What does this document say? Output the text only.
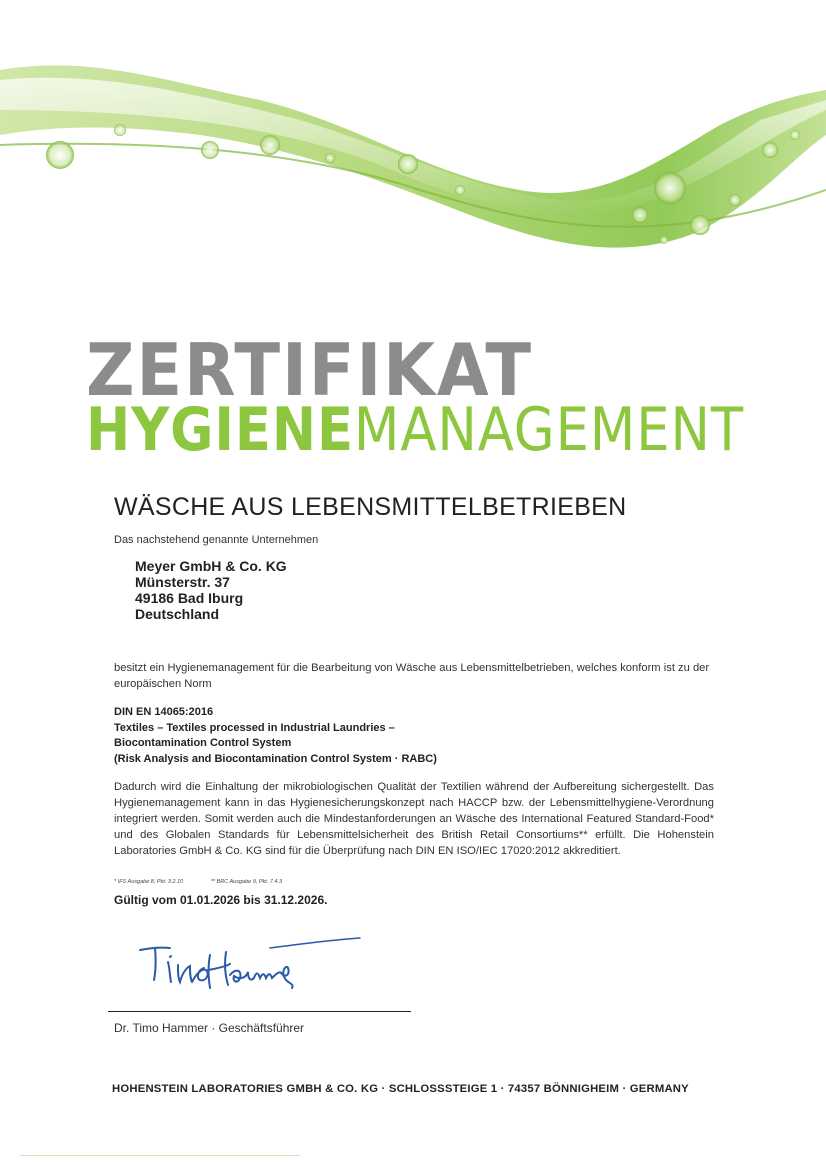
ZERTIFIKAT
HYGIENEMANAGEMENT
WÄSCHE AUS LEBENSMITTELBETRIEBEN
Das nachstehend genannte Unternehmen
Meyer GmbH & Co. KG
Münsterstr. 37
49186 Bad Iburg
Deutschland
besitzt ein Hygienemanagement für die Bearbeitung von Wäsche aus Lebensmittelbetrieben, welches konform ist zu der europäischen Norm
DIN EN 14065:2016
Textiles – Textiles processed in Industrial Laundries –
Biocontamination Control System
(Risk Analysis and Biocontamination Control System · RABC)
Dadurch wird die Einhaltung der mikrobiologischen Qualität der Textilien während der Aufbereitung sichergestellt. Das Hygienemanagement kann in das Hygienesicherungskonzept nach HACCP bzw. der Lebensmittelhygiene-Verordnung integriert werden. Somit werden auch die Mindestanforderungen an Wäsche des International Featured Standard-Food* und des Globalen Standards für Lebensmittelsicherheit des British Retail Consortiums** erfüllt. Die Hohenstein Laboratories GmbH & Co. KG sind für die Überprüfung nach DIN EN ISO/IEC 17020:2012 akkreditiert.
* IFS Ausgabe 8, Pkt. 3.2.10	** BRC Ausgabe 9, Pkt. 7.4.3
Gültig vom 01.01.2026 bis 31.12.2026.
Dr. Timo Hammer · Geschäftsführer
HOHENSTEIN LABORATORIES GMBH & CO. KG · SCHLOSSSTEIGE 1 · 74357 BÖNNIGHEIM · GERMANY
